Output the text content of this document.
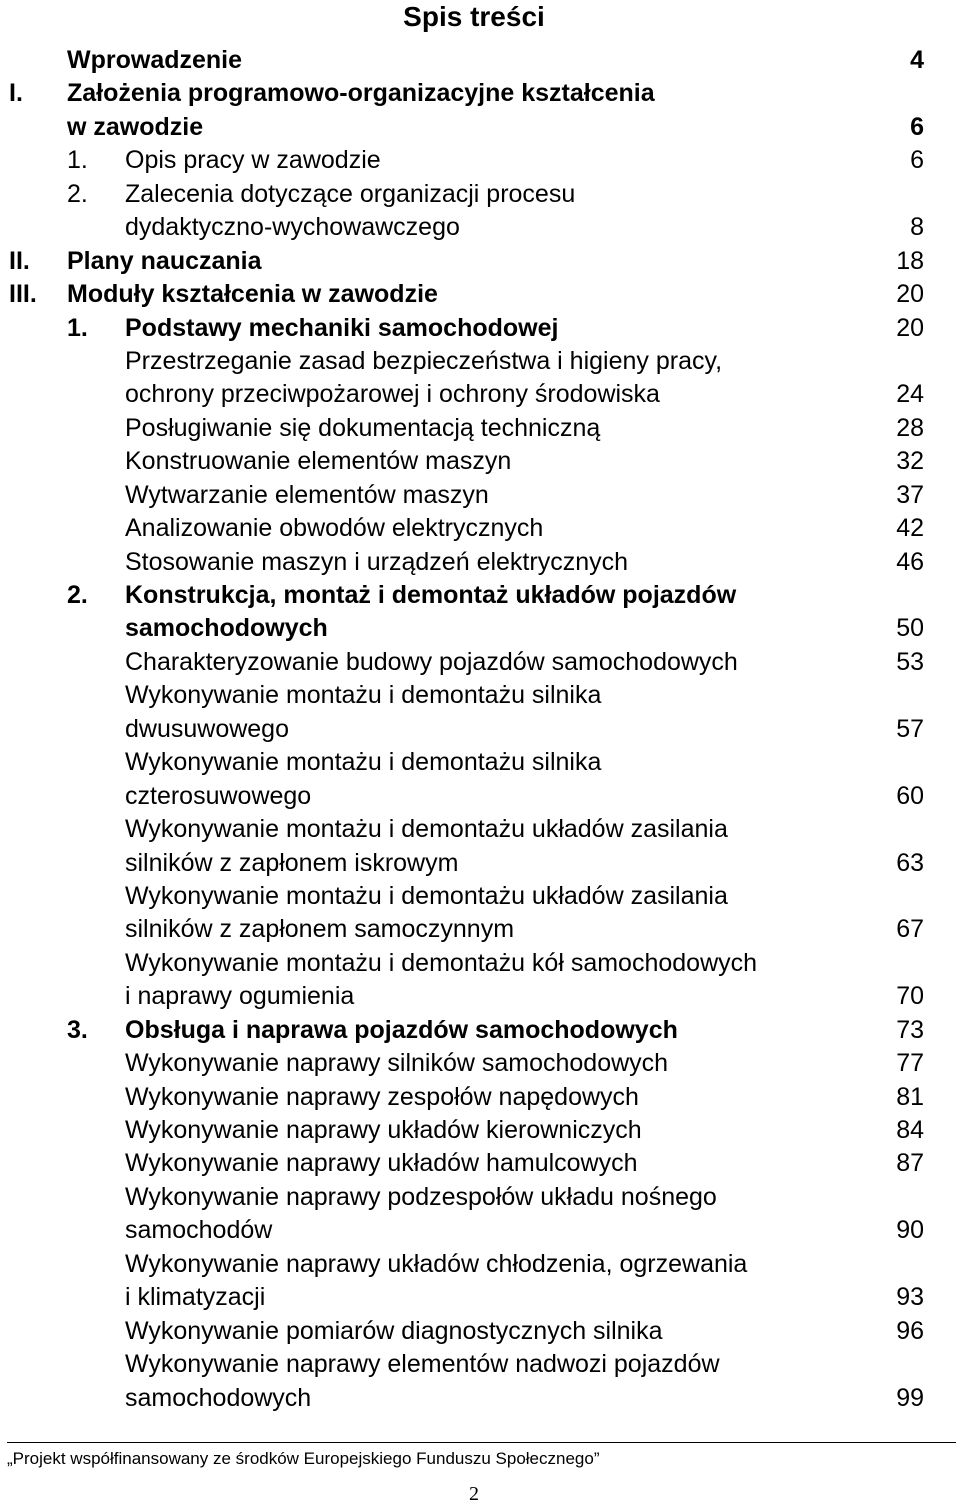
Spis treści
Wprowadzenie	4
I. Założenia programowo-organizacyjne kształcenia
w zawodzie	6
1. Opis pracy w zawodzie	6
2. Zalecenia dotyczące organizacji procesu
dydaktyczno-wychowawczego	8
II. Plany nauczania	18
III. Moduły kształcenia w zawodzie	20
1. Podstawy mechaniki samochodowej	20
Przestrzeganie zasad bezpieczeństwa i higieny pracy,
ochrony przeciwpożarowej i ochrony środowiska	24
Posługiwanie się dokumentacją techniczną	28
Konstruowanie elementów maszyn	32
Wytwarzanie elementów maszyn	37
Analizowanie obwodów elektrycznych	42
Stosowanie maszyn i urządzeń elektrycznych	46
2. Konstrukcja, montaż i demontaż układów pojazdów
samochodowych	50
Charakteryzowanie budowy pojazdów samochodowych	53
Wykonywanie montażu i demontażu silnika
dwusuwowego	57
Wykonywanie montażu i demontażu silnika
czterosuwowego	60
Wykonywanie montażu i demontażu układów zasilania
silników z zapłonem iskrowym	63
Wykonywanie montażu i demontażu układów zasilania
silników z zapłonem samoczynnym	67
Wykonywanie montażu i demontażu kół samochodowych
i naprawy ogumienia	70
3. Obsługa i naprawa pojazdów samochodowych	73
Wykonywanie naprawy silników samochodowych	77
Wykonywanie naprawy zespołów napędowych	81
Wykonywanie naprawy układów kierowniczych	84
Wykonywanie naprawy układów hamulcowych	87
Wykonywanie naprawy podzespołów układu nośnego
samochodów	90
Wykonywanie naprawy układów chłodzenia, ogrzewania
i klimatyzacji	93
Wykonywanie pomiarów diagnostycznych silnika	96
Wykonywanie naprawy elementów nadwozi pojazdów
samochodowych	99
„Projekt współfinansowany ze środków Europejskiego Funduszu Społecznego”
2
